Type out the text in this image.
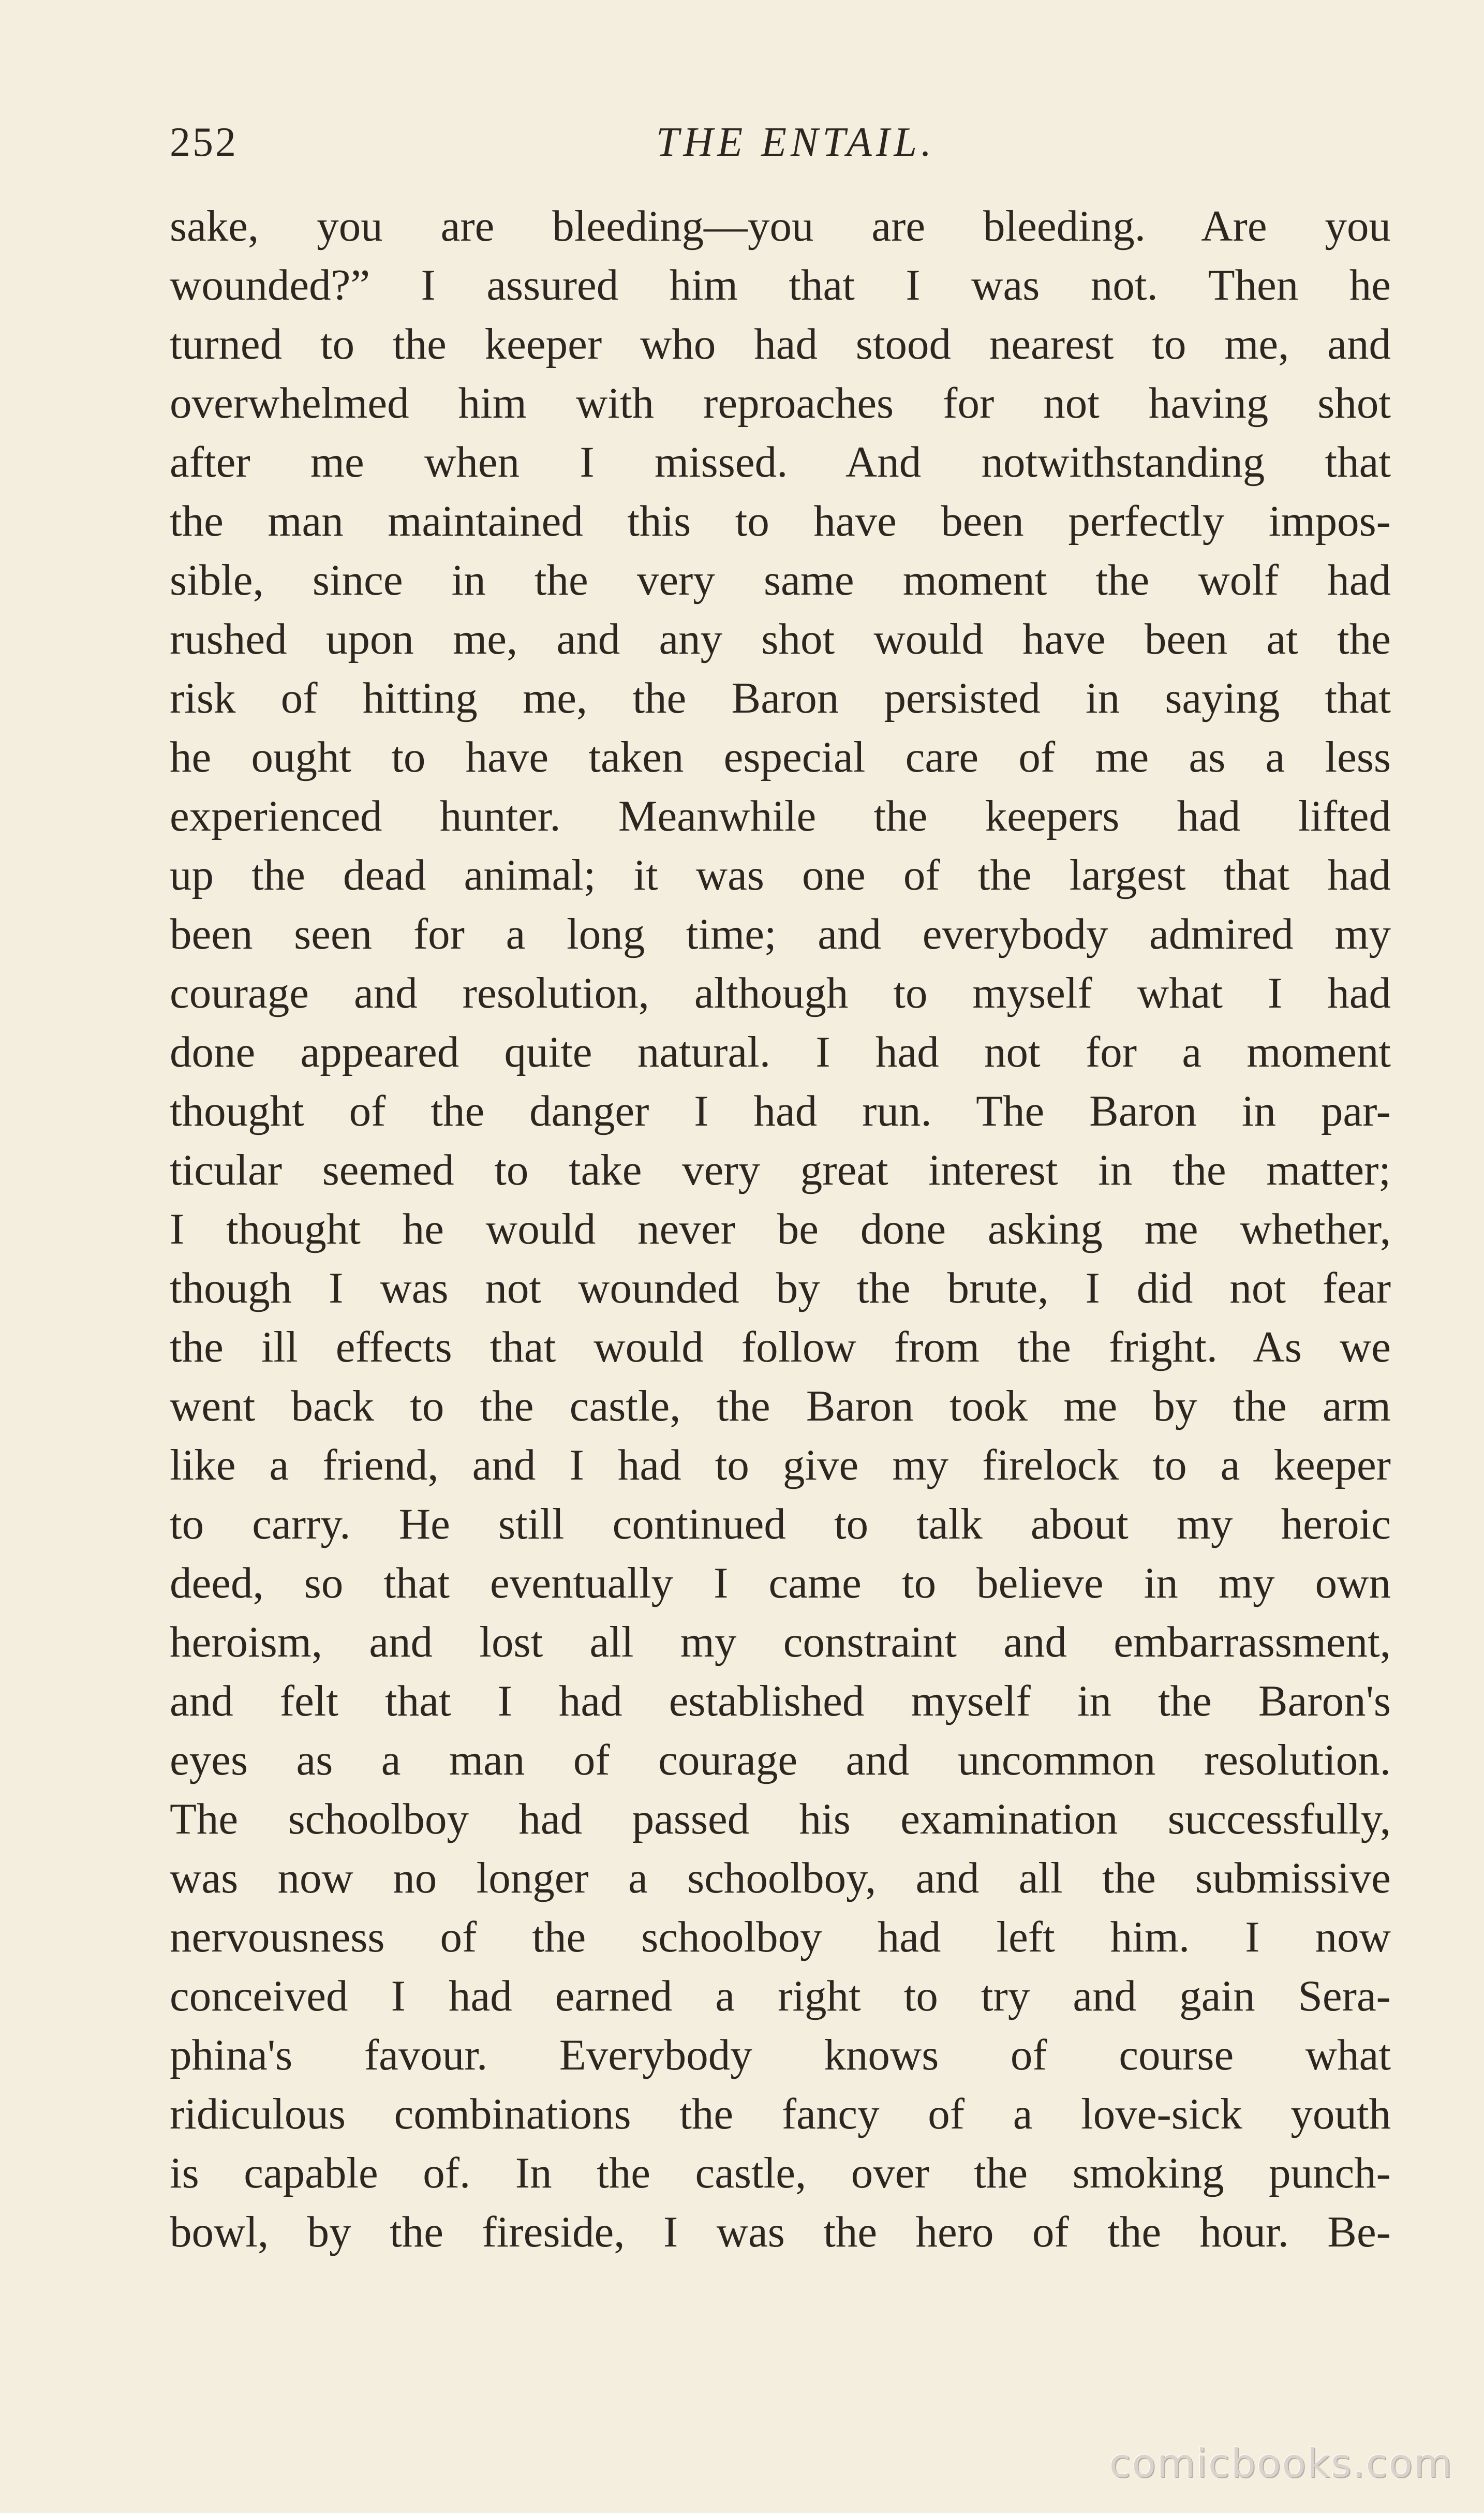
252	THE ENTAIL.
sake, you are bleeding—you are bleeding. Are you
wounded?” I assured him that I was not. Then he
turned to the keeper who had stood nearest to me, and
overwhelmed him with reproaches for not having shot
after me when I missed. And notwithstanding that
the man maintained this to have been perfectly impos-
sible, since in the very same moment the wolf had
rushed upon me, and any shot would have been at the
risk of hitting me, the Baron persisted in saying that
he ought to have taken especial care of me as a less
experienced hunter. Meanwhile the keepers had lifted
up the dead animal; it was one of the largest that had
been seen for a long time; and everybody admired my
courage and resolution, although to myself what I had
done appeared quite natural. I had not for a moment
thought of the danger I had run. The Baron in par-
ticular seemed to take very great interest in the matter;
I thought he would never be done asking me whether,
though I was not wounded by the brute, I did not fear
the ill effects that would follow from the fright. As we
went back to the castle, the Baron took me by the arm
like a friend, and I had to give my firelock to a keeper
to carry. He still continued to talk about my heroic
deed, so that eventually I came to believe in my own
heroism, and lost all my constraint and embarrassment,
and felt that I had established myself in the Baron's
eyes as a man of courage and uncommon resolution.
The schoolboy had passed his examination successfully,
was now no longer a schoolboy, and all the submissive
nervousness of the schoolboy had left him. I now
conceived I had earned a right to try and gain Sera-
phina's favour. Everybody knows of course what
ridiculous combinations the fancy of a love-sick youth
is capable of. In the castle, over the smoking punch-
bowl, by the fireside, I was the hero of the hour. Be-
comicbooks.com
